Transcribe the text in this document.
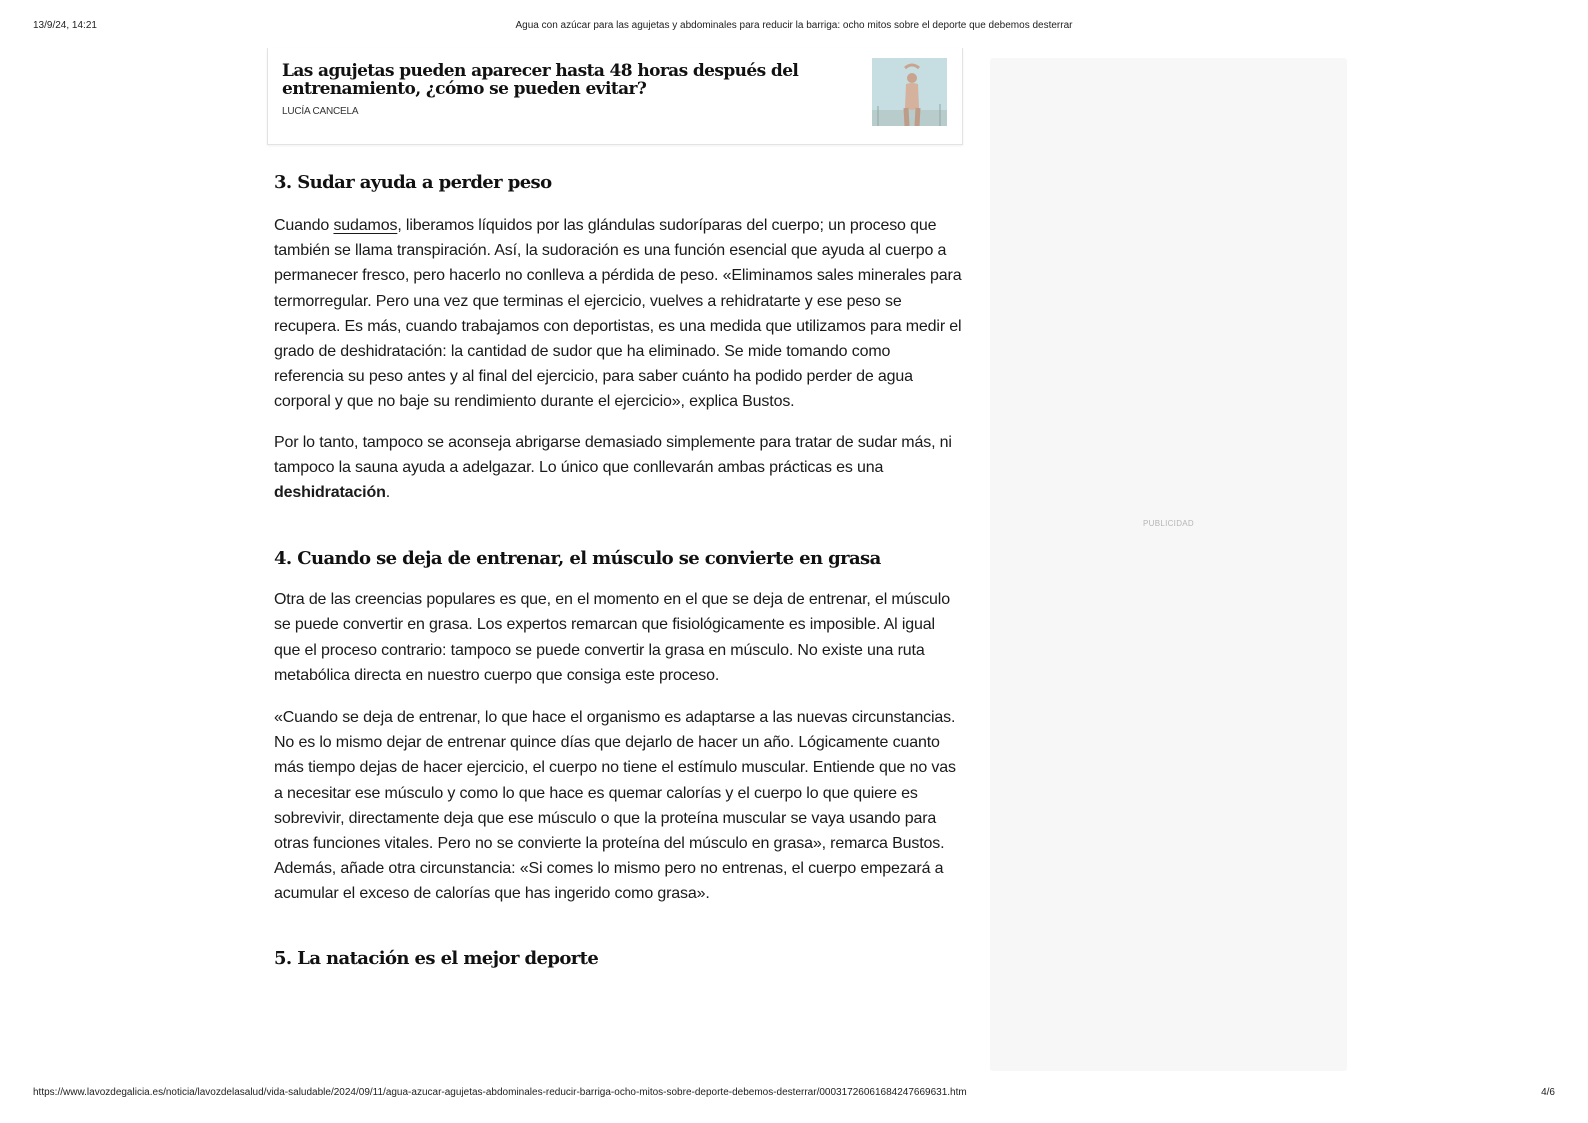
13/9/24, 14:21	Agua con azúcar para las agujetas y abdominales para reducir la barriga: ocho mitos sobre el deporte que debemos desterrar
Las agujetas pueden aparecer hasta 48 horas después del entrenamiento, ¿cómo se pueden evitar?
LUCÍA CANCELA
3. Sudar ayuda a perder peso

Cuando sudamos, liberamos líquidos por las glándulas sudoríparas del cuerpo; un proceso que también se llama transpiración. Así, la sudoración es una función esencial que ayuda al cuerpo a permanecer fresco, pero hacerlo no conlleva a pérdida de peso. «Eliminamos sales minerales para termorregular. Pero una vez que terminas el ejercicio, vuelves a rehidratarte y ese peso se recupera. Es más, cuando trabajamos con deportistas, es una medida que utilizamos para medir el grado de deshidratación: la cantidad de sudor que ha eliminado. Se mide tomando como referencia su peso antes y al final del ejercicio, para saber cuánto ha podido perder de agua corporal y que no baje su rendimiento durante el ejercicio», explica Bustos.

Por lo tanto, tampoco se aconseja abrigarse demasiado simplemente para tratar de sudar más, ni tampoco la sauna ayuda a adelgazar. Lo único que conllevarán ambas prácticas es una deshidratación.

4. Cuando se deja de entrenar, el músculo se convierte en grasa

Otra de las creencias populares es que, en el momento en el que se deja de entrenar, el músculo se puede convertir en grasa. Los expertos remarcan que fisiológicamente es imposible. Al igual que el proceso contrario: tampoco se puede convertir la grasa en músculo. No existe una ruta metabólica directa en nuestro cuerpo que consiga este proceso.

«Cuando se deja de entrenar, lo que hace el organismo es adaptarse a las nuevas circunstancias. No es lo mismo dejar de entrenar quince días que dejarlo de hacer un año. Lógicamente cuanto más tiempo dejas de hacer ejercicio, el cuerpo no tiene el estímulo muscular. Entiende que no vas a necesitar ese músculo y como lo que hace es quemar calorías y el cuerpo lo que quiere es sobrevivir, directamente deja que ese músculo o que la proteína muscular se vaya usando para otras funciones vitales. Pero no se convierte la proteína del músculo en grasa», remarca Bustos. Además, añade otra circunstancia: «Si comes lo mismo pero no entrenas, el cuerpo empezará a acumular el exceso de calorías que has ingerido como grasa».

5. La natación es el mejor deporte
PUBLICIDAD
https://www.lavozdegalicia.es/noticia/lavozdelasalud/vida-saludable/2024/09/11/agua-azucar-agujetas-abdominales-reducir-barriga-ocho-mitos-sobre-deporte-debemos-desterrar/00031726061684247669631.htm	4/6
